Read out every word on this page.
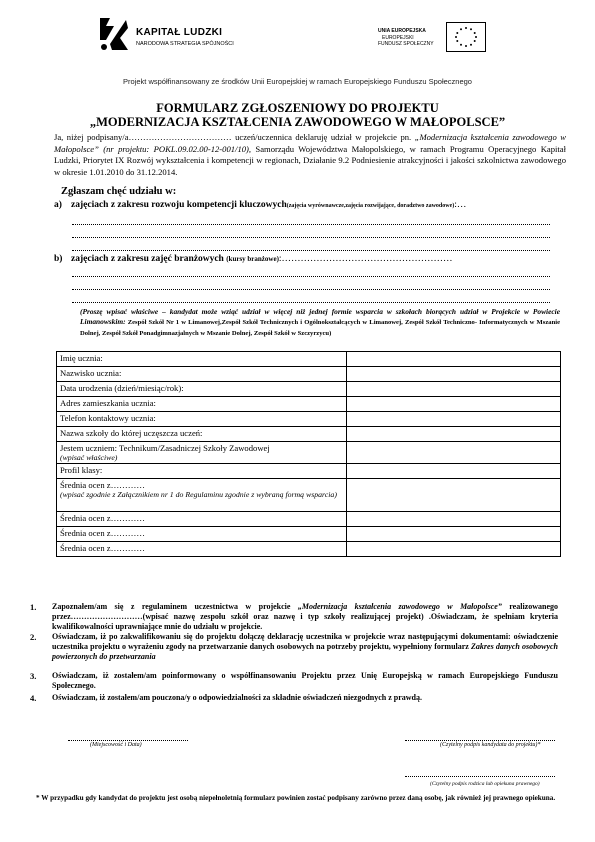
KAPITAŁ LUDZKI
NARODOWA STRATEGIA SPÓJNOŚCI
UNIA EUROPEJSKA
EUROPEJSKI
FUNDUSZ SPOŁECZNY
Projekt współfinansowany ze środków Unii Europejskiej w ramach Europejskiego Funduszu Społecznego
FORMULARZ ZGŁOSZENIOWY DO PROJEKTU
„MODERNIZACJA KSZTAŁCENIA ZAWODOWEGO W MAŁOPOLSCE”
Ja, niżej podpisany/a……………………………… uczeń/uczennica deklaruję udział w projekcie pn. „Modernizacja kształcenia zawodowego w Małopolsce” (nr projektu: POKL.09.02.00-12-001/10), Samorządu Województwa Małopolskiego, w ramach Programu Operacyjnego Kapitał Ludzki, Priorytet IX Rozwój wykształcenia i kompetencji w regionach, Działanie 9.2 Podniesienie atrakcyjności i jakości szkolnictwa zawodowego w okresie 1.01.2010 do 31.12.2014.
Zgłaszam chęć udziału w:
a) zajęciach z zakresu rozwoju kompetencji kluczowych(zajęcia wyrównawcze,zajęcia rozwijające, doradztwo zawodowe):…
b) zajęciach z zakresu zajęć branżowych (kursy branżowe):………………………………………………
(Proszę wpisać właściwe – kandydat może wziąć udział w więcej niż jednej formie wsparcia w szkołach biorących udział w Projekcie w Powiecie Limanowskim: Zespół Szkół Nr 1 w Limanowej,Zespół Szkół Technicznych i Ogólnokształcących w Limanowej, Zespół Szkół Techniczno- Informatycznych w Mszanie Dolnej, Zespół Szkół Ponadgimnazjalnych w Mszanie Dolnej, Zespół Szkół w Szczyrzycu)
Imię ucznia:	

Nazwisko ucznia:	

Data urodzenia (dzień/miesiąc/rok):	

Adres zamieszkania ucznia:	

Telefon kontaktowy ucznia:	

Nazwa szkoły do której uczęszcza uczeń:	

Jestem uczniem: Technikum/Zasadniczej Szkoły Zawodowej
(wpisać właściwe)	

Profil klasy:	

Średnia ocen z…………
(wpisać zgodnie z Załącznikiem nr 1 do Regulaminu zgodnie z wybraną formą wsparcia)	

Średnia ocen z…………	

Średnia ocen z…………	

Średnia ocen z…………	

1. Zapoznałem/am się z regulaminem uczestnictwa w projekcie „Modernizacja kształcenia zawodowego w Małopolsce” realizowanego przez………………………(wpisać nazwę zespołu szkół oraz nazwę i typ szkoły realizującej projekt) .Oświadczam, że spełniam kryteria kwalifikowalności uprawniające mnie do udziału w projekcie.
2. Oświadczam, iż po zakwalifikowaniu się do projektu dołączę deklarację uczestnika w projekcie wraz następującymi dokumentami: oświadczenie uczestnika projektu o wyrażeniu zgody na przetwarzanie danych osobowych na potrzeby projektu, wypełniony formularz Zakres danych osobowych powierzonych do przetwarzania
3. Oświadczam, iż zostałem/am poinformowany o współfinansowaniu Projektu przez Unię Europejską w ramach Europejskiego Funduszu Społecznego.
4. Oświadczam, iż zostałem/am pouczona/y o odpowiedzialności za składnie oświadczeń niezgodnych z prawdą.
(Miejscowość i Data)	(Czytelny podpis kandydata do projektu)*
(Czytelny podpis rodzica lub opiekuna prawnego)
* W przypadku gdy kandydat do projektu jest osobą niepełnoletnią formularz powinien zostać podpisany zarówno przez daną osobę, jak również jej prawnego opiekuna.
